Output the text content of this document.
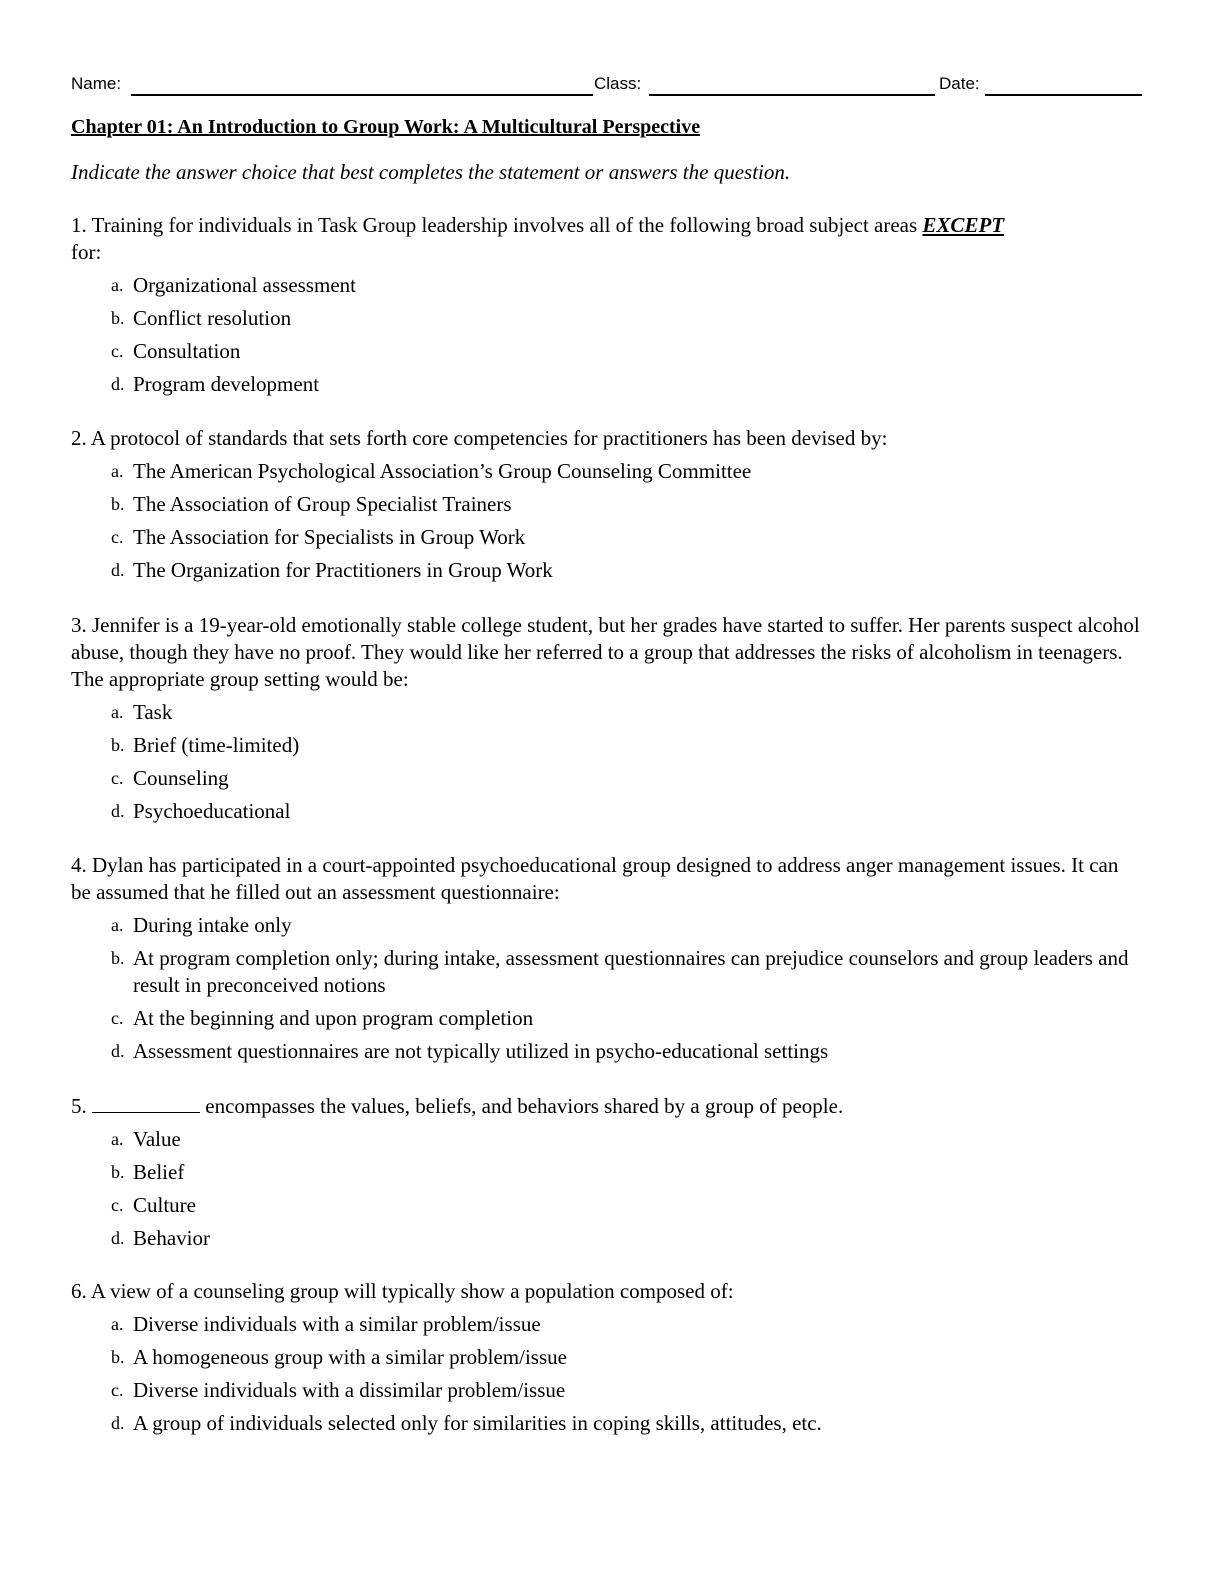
Name:	Class:	Date:
Chapter 01: An Introduction to Group Work: A Multicultural Perspective

Indicate the answer choice that best completes the statement or answers the question.

1. Training for individuals in Task Group leadership involves all of the following broad subject areas EXCEPT
for:

a. Organizational assessment
b. Conflict resolution
c. Consultation
d. Program development

2. A protocol of standards that sets forth core competencies for practitioners has been devised by:

a. The American Psychological Association’s Group Counseling Committee
b. The Association of Group Specialist Trainers
c. The Association for Specialists in Group Work
d. The Organization for Practitioners in Group Work

3. Jennifer is a 19-year-old emotionally stable college student, but her grades have started to suffer. Her parents suspect alcohol abuse, though they have no proof. They would like her referred to a group that addresses the risks of alcoholism in teenagers. The appropriate group setting would be:

a. Task
b. Brief (time-limited)
c. Counseling
d. Psychoeducational

4. Dylan has participated in a court-appointed psychoeducational group designed to address anger management issues. It can be assumed that he filled out an assessment questionnaire:

a. During intake only
b. At program completion only; during intake, assessment questionnaires can prejudice counselors and group leaders and result in preconceived notions
c. At the beginning and upon program completion
d. Assessment questionnaires are not typically utilized in psycho-educational settings

5.	encompasses the values, beliefs, and behaviors shared by a group of people.

a. Value
b. Belief
c. Culture
d. Behavior

6. A view of a counseling group will typically show a population composed of:

a. Diverse individuals with a similar problem/issue
b. A homogeneous group with a similar problem/issue
c. Diverse individuals with a dissimilar problem/issue
d. A group of individuals selected only for similarities in coping skills, attitudes, etc.
